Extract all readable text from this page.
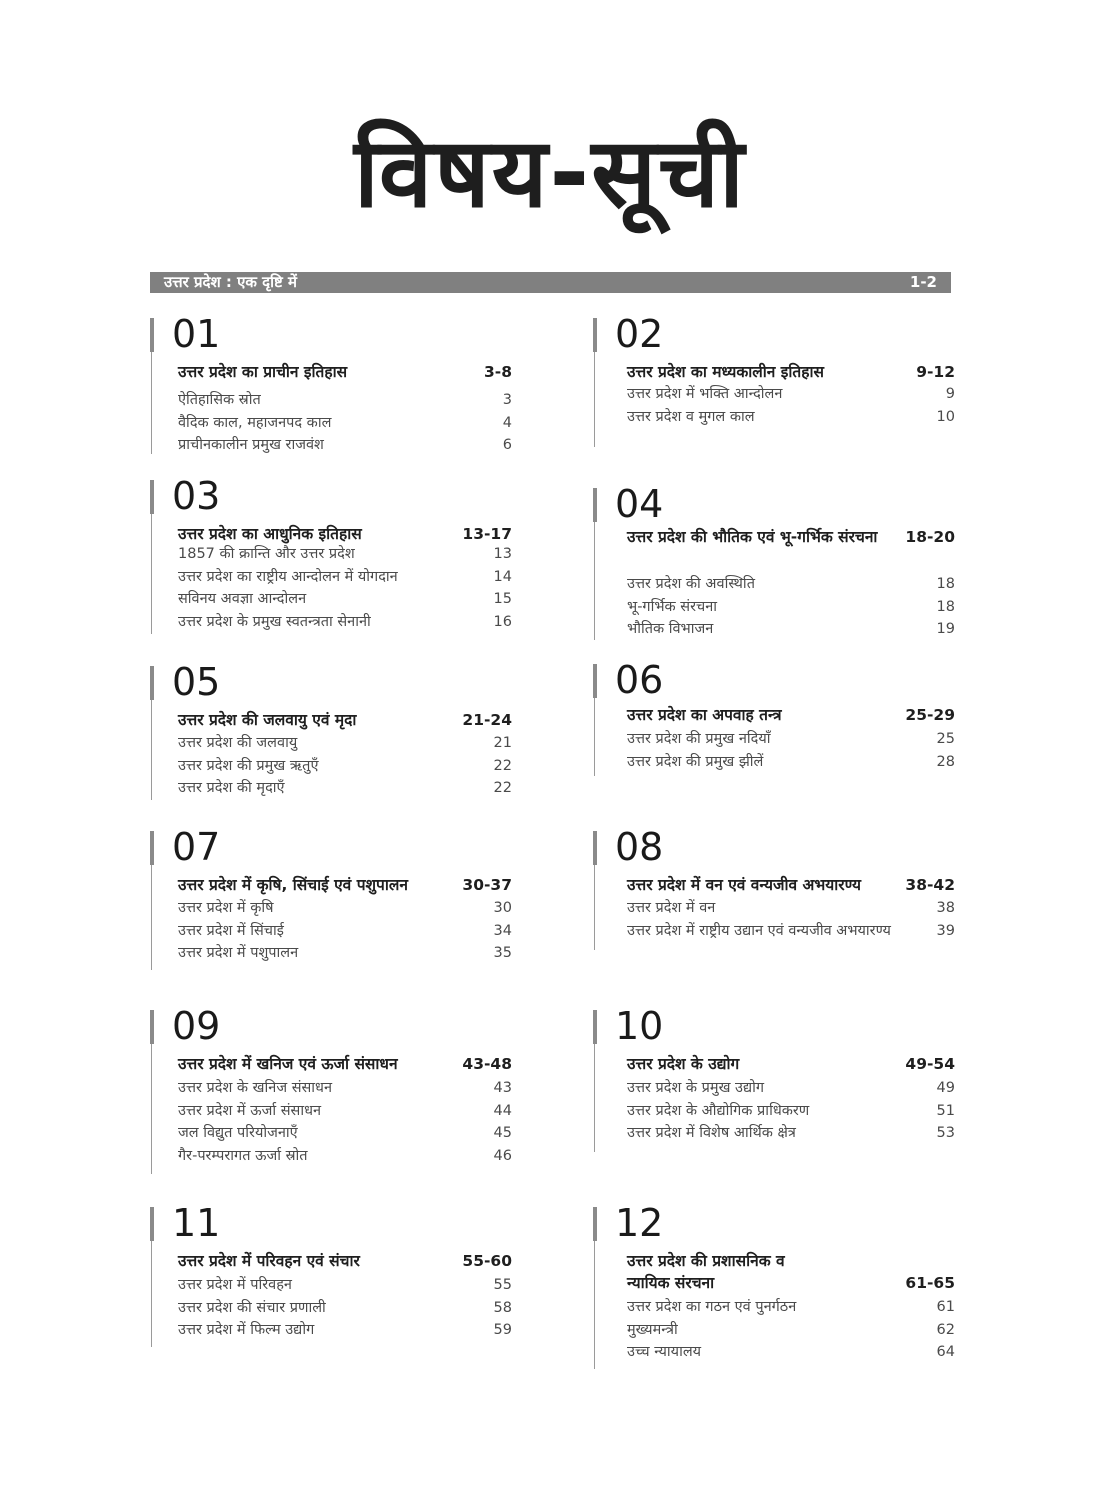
विषय-सूची
उत्तर प्रदेश : एक दृष्टि में	1-2
01
उत्तर प्रदेश का प्राचीन इतिहास	3-8
ऐतिहासिक स्रोत	3
वैदिक काल, महाजनपद काल	4
प्राचीनकालीन प्रमुख राजवंश	6
02
उत्तर प्रदेश का मध्यकालीन इतिहास	9-12
उत्तर प्रदेश में भक्ति आन्दोलन	9
उत्तर प्रदेश व मुगल काल	10
03
उत्तर प्रदेश का आधुनिक इतिहास	13-17
1857 की क्रान्ति और उत्तर प्रदेश	13
उत्तर प्रदेश का राष्ट्रीय आन्दोलन में योगदान	14
सविनय अवज्ञा आन्दोलन	15
उत्तर प्रदेश के प्रमुख स्वतन्त्रता सेनानी	16
04
उत्तर प्रदेश की भौतिक एवं भू-गर्भिक संरचना	18-20
उत्तर प्रदेश की अवस्थिति	18
भू-गर्भिक संरचना	18
भौतिक विभाजन	19
05
उत्तर प्रदेश की जलवायु एवं मृदा	21-24
उत्तर प्रदेश की जलवायु	21
उत्तर प्रदेश की प्रमुख ऋतुएँ	22
उत्तर प्रदेश की मृदाएँ	22
06
उत्तर प्रदेश का अपवाह तन्त्र	25-29
उत्तर प्रदेश की प्रमुख नदियाँ	25
उत्तर प्रदेश की प्रमुख झीलें	28
07
उत्तर प्रदेश में कृषि, सिंचाई एवं पशुपालन	30-37
उत्तर प्रदेश में कृषि	30
उत्तर प्रदेश में सिंचाई	34
उत्तर प्रदेश में पशुपालन	35
08
उत्तर प्रदेश में वन एवं वन्यजीव अभयारण्य	38-42
उत्तर प्रदेश में वन	38
उत्तर प्रदेश में राष्ट्रीय उद्यान एवं वन्यजीव अभयारण्य	39
09
उत्तर प्रदेश में खनिज एवं ऊर्जा संसाधन	43-48
उत्तर प्रदेश के खनिज संसाधन	43
उत्तर प्रदेश में ऊर्जा संसाधन	44
जल विद्युत परियोजनाएँ	45
गैर-परम्परागत ऊर्जा स्रोत	46
10
उत्तर प्रदेश के उद्योग	49-54
उत्तर प्रदेश के प्रमुख उद्योग	49
उत्तर प्रदेश के औद्योगिक प्राधिकरण	51
उत्तर प्रदेश में विशेष आर्थिक क्षेत्र	53
11
उत्तर प्रदेश में परिवहन एवं संचार	55-60
उत्तर प्रदेश में परिवहन	55
उत्तर प्रदेश की संचार प्रणाली	58
उत्तर प्रदेश में फिल्म उद्योग	59
12
उत्तर प्रदेश की प्रशासनिक व न्यायिक संरचना	61-65
उत्तर प्रदेश का गठन एवं पुनर्गठन	61
मुख्यमन्त्री	62
उच्च न्यायालय	64
